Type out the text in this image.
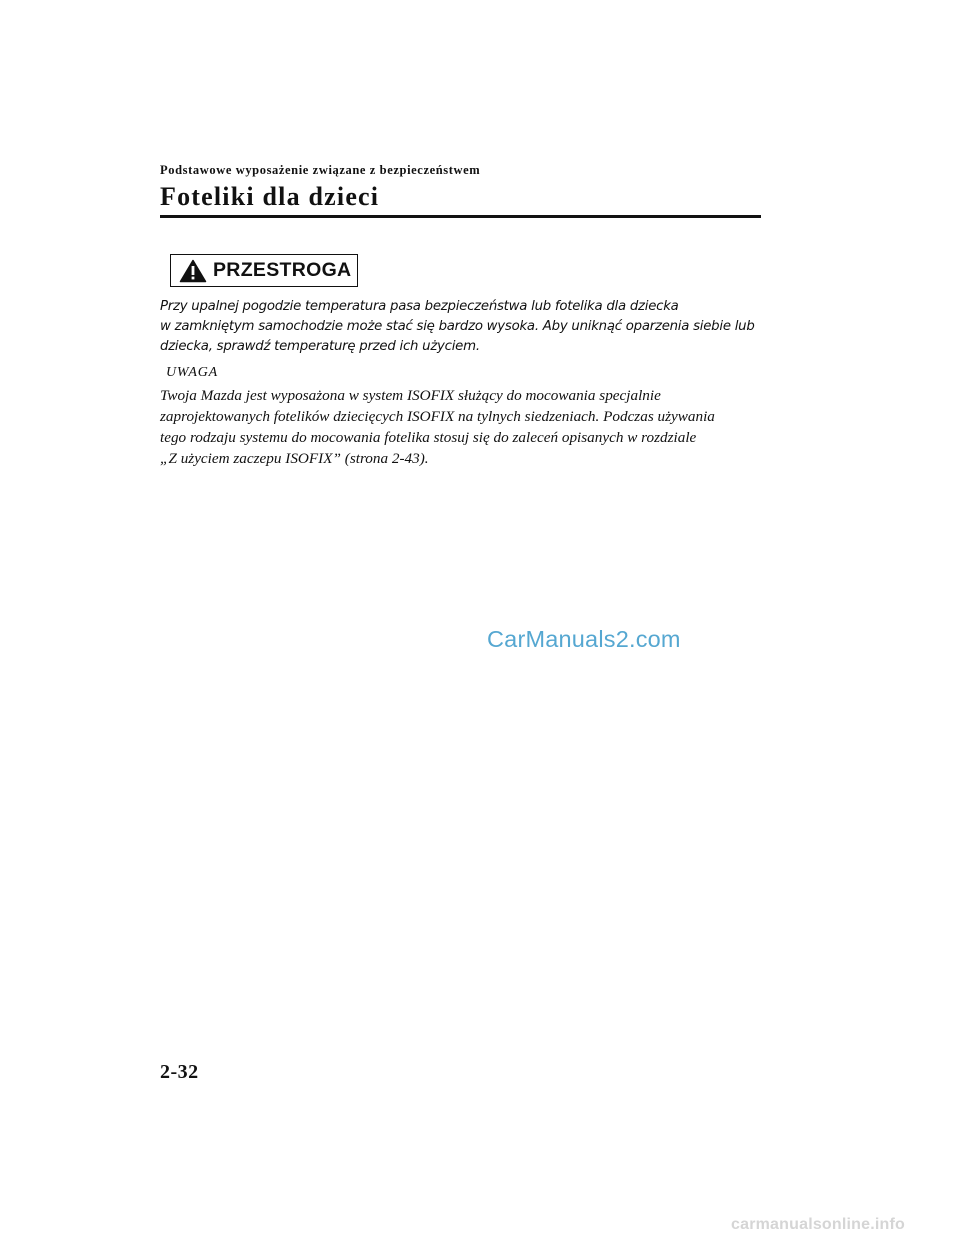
Podstawowe wyposażenie związane z bezpieczeństwem
Foteliki dla dzieci
PRZESTROGA
Przy upalnej pogodzie temperatura pasa bezpieczeństwa lub fotelika dla dziecka
w zamkniętym samochodzie może stać się bardzo wysoka. Aby uniknąć oparzenia siebie lub
dziecka, sprawdź temperaturę przed ich użyciem.
UWAGA
Twoja Mazda jest wyposażona w system ISOFIX służący do mocowania specjalnie
zaprojektowanych fotelików dziecięcych ISOFIX na tylnych siedzeniach. Podczas używania
tego rodzaju systemu do mocowania fotelika stosuj się do zaleceń opisanych w rozdziale
„Z użyciem zaczepu ISOFIX” (strona 2-43).
CarManuals2.com
2-32
carmanualsonline.info
